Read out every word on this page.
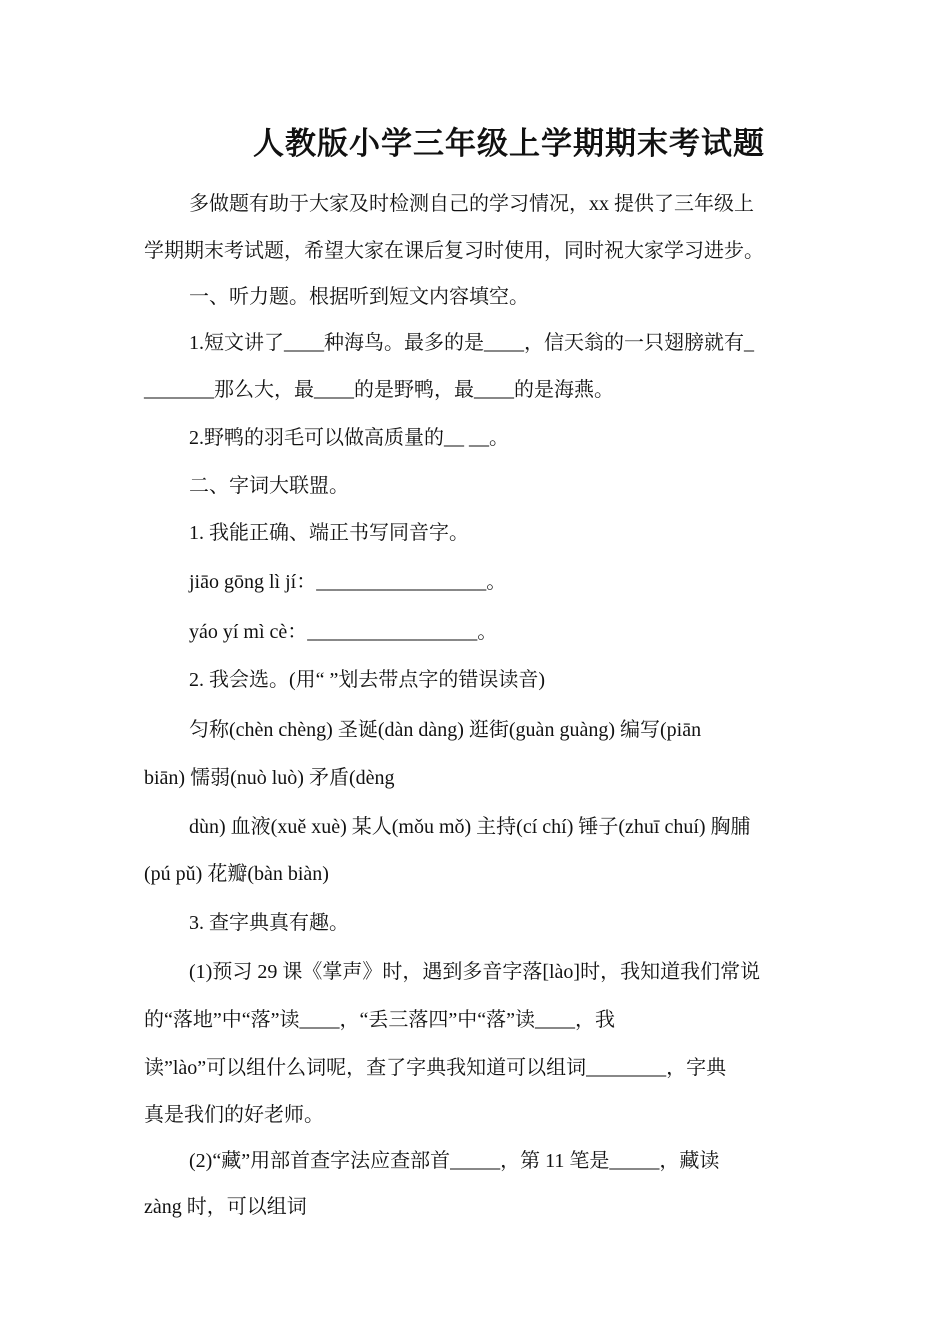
人教版小学三年级上学期期末考试题
多做题有助于大家及时检测自己的学习情况，xx 提供了三年级上
学期期末考试题，希望大家在课后复习时使用，同时祝大家学习进步。
一、听力题。根据听到短文内容填空。
1.短文讲了____种海鸟。最多的是____，信天翁的一只翅膀就有_
_______那么大，最____的是野鸭，最____的是海燕。
2.野鸭的羽毛可以做高质量的__ __。
二、字词大联盟。
1. 我能正确、端正书写同音字。
jiāo gōng lì jí：_________________。
yáo yí mì cè：_________________。
2. 我会选。(用“ ”划去带点字的错误读音)
匀称(chèn chèng) 圣诞(dàn dàng) 逛街(guàn guàng) 编写(piān
biān) 懦弱(nuò luò) 矛盾(dèng
dùn) 血液(xuě xuè) 某人(mǒu mǒ) 主持(cí chí) 锤子(zhuī chuí) 胸脯
(pú pǔ) 花瓣(bàn biàn)
3. 查字典真有趣。
(1)预习 29 课《掌声》时，遇到多音字落[lào]时，我知道我们常说
的“落地”中“落”读____，“丢三落四”中“落”读____，我
读”lào”可以组什么词呢，查了字典我知道可以组词________，字典
真是我们的好老师。
(2)“藏”用部首查字法应查部首_____，第 11 笔是_____，藏读
zàng 时，可以组词
